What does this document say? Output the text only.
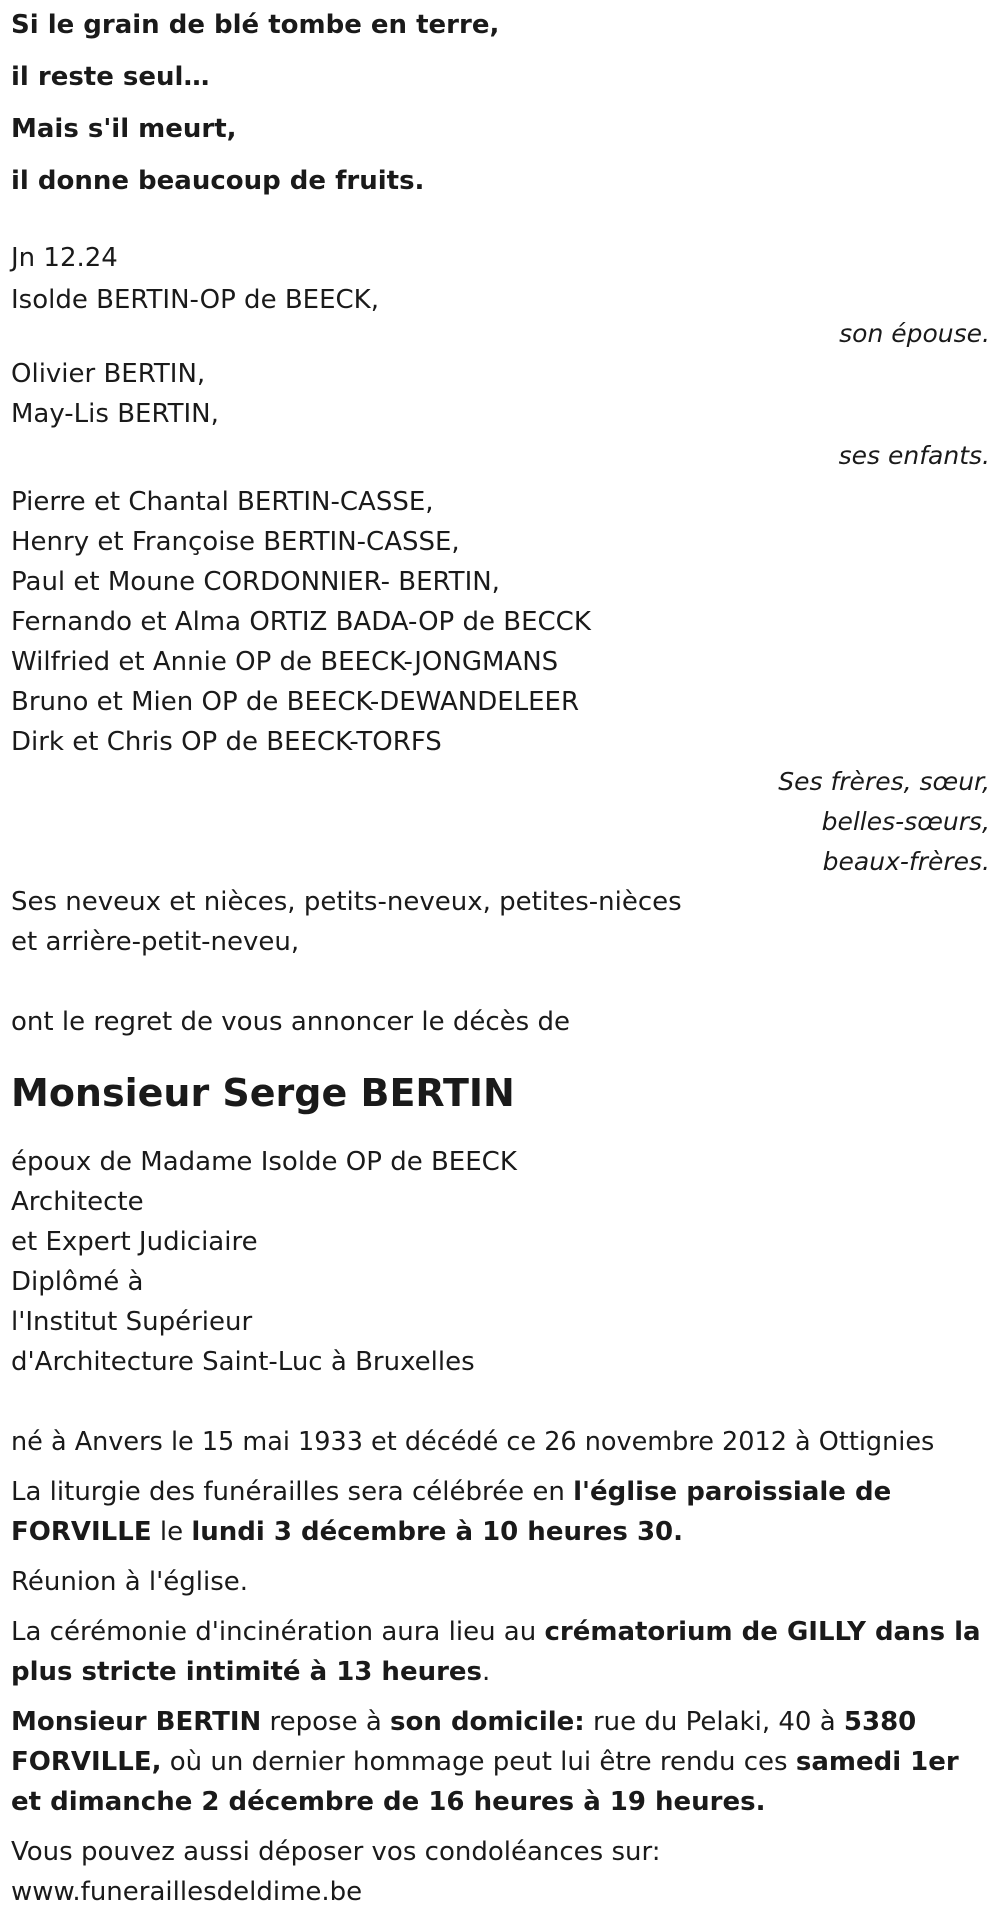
Si le grain de blé tombe en terre,
il reste seul…
Mais s'il meurt,
il donne beaucoup de fruits.
Jn 12.24
Isolde BERTIN-OP de BEECK,
son épouse.
Olivier BERTIN,
May-Lis BERTIN,
ses enfants.
Pierre et Chantal BERTIN-CASSE,
Henry et Françoise BERTIN-CASSE,
Paul et Moune CORDONNIER- BERTIN,
Fernando et Alma ORTIZ BADA-OP de BECCK
Wilfried et Annie OP de BEECK-JONGMANS
Bruno et Mien OP de BEECK-DEWANDELEER
Dirk et Chris OP de BEECK-TORFS
Ses frères, sœur,
belles-sœurs,
beaux-frères.
Ses neveux et nièces, petits-neveux, petites-nièces
et arrière-petit-neveu,
ont le regret de vous annoncer le décès de
Monsieur Serge BERTIN
époux de Madame Isolde OP de BEECK
Architecte
et Expert Judiciaire
Diplômé à
l'Institut Supérieur
d'Architecture Saint-Luc à Bruxelles
né à Anvers le 15 mai 1933 et décédé ce 26 novembre 2012 à Ottignies
La liturgie des funérailles sera célébrée en l'église paroissiale de FORVILLE le lundi 3 décembre à 10 heures 30.
Réunion à l'église.
La cérémonie d'incinération aura lieu au crématorium de GILLY dans la plus stricte intimité à 13 heures.
Monsieur BERTIN repose à son domicile: rue du Pelaki, 40 à 5380 FORVILLE, où un dernier hommage peut lui être rendu ces samedi 1er et dimanche 2 décembre de 16 heures à 19 heures.
Vous pouvez aussi déposer vos condoléances sur:
www.funeraillesdeldime.be
